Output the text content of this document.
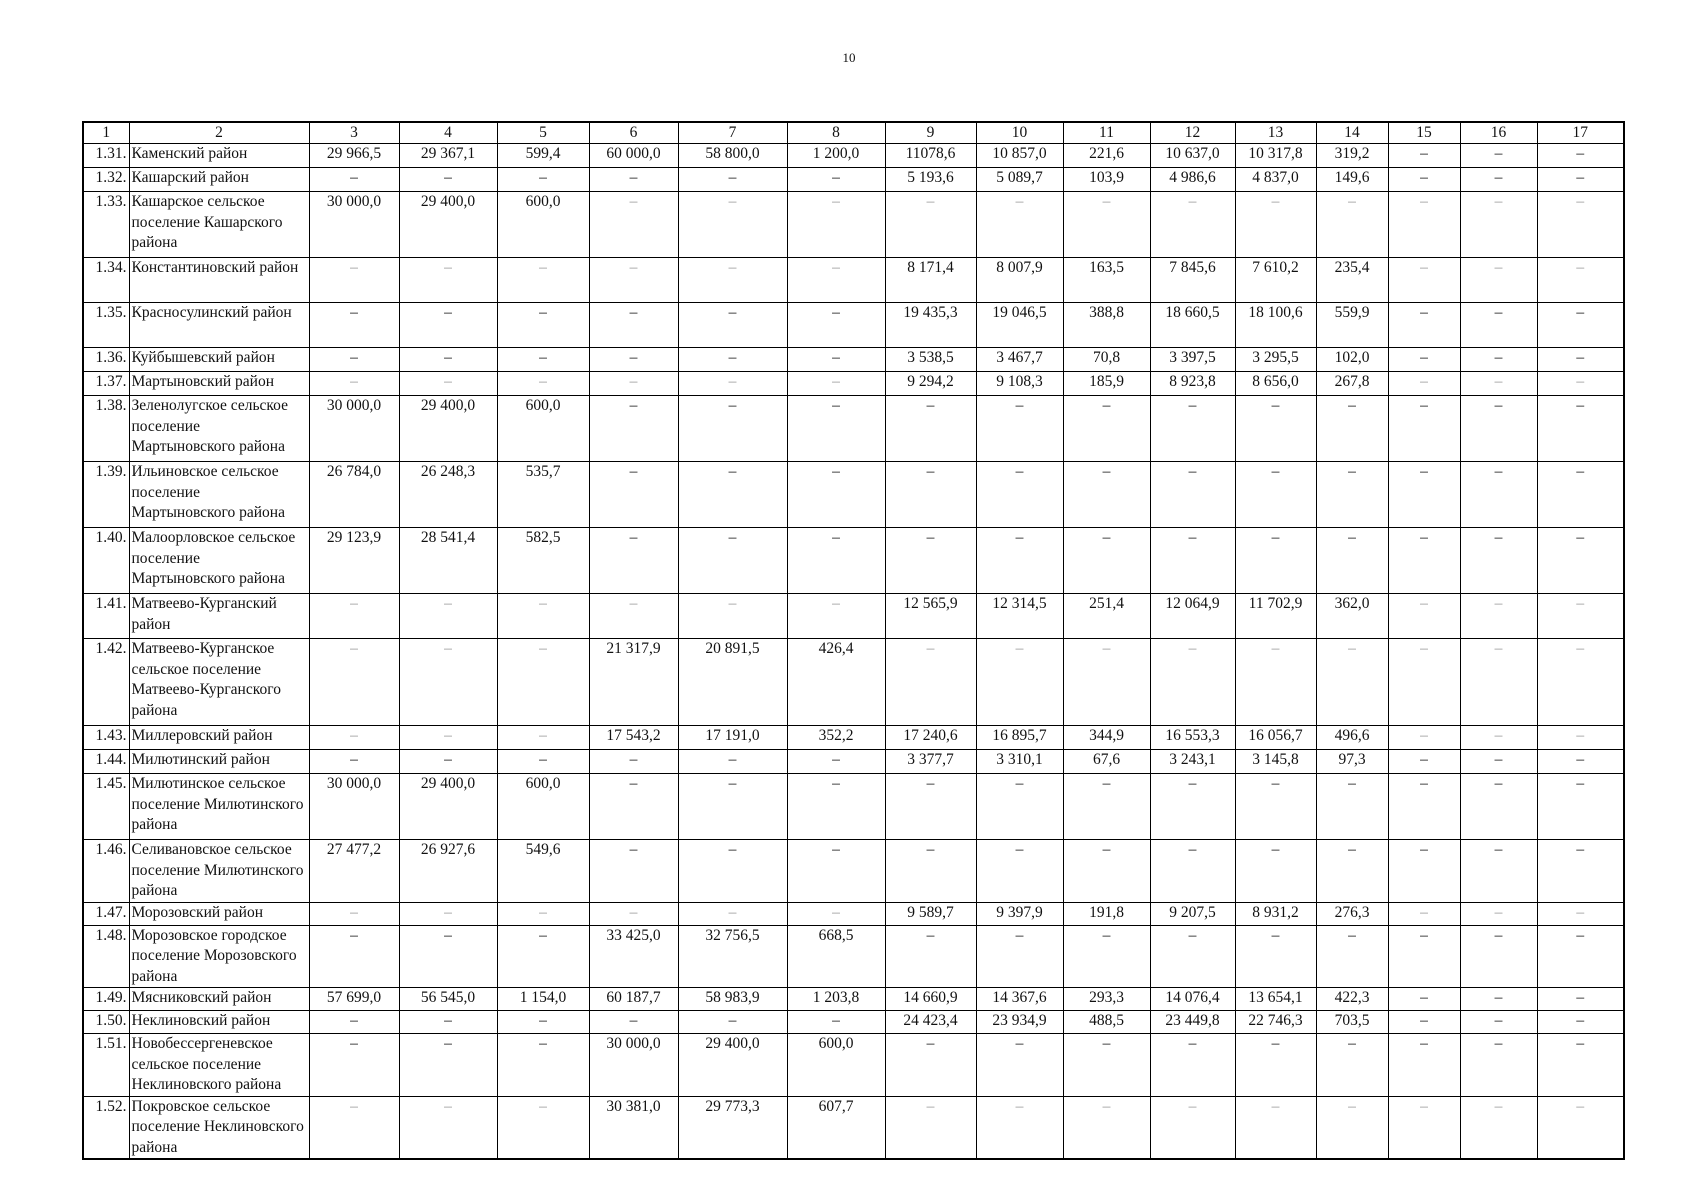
10
1	2	3	4	5	6	7	8	9	10	11	12	13	14	15	16	17
1.31.	Каменский район	29 966,5	29 367,1	599,4	60 000,0	58 800,0	1 200,0	11078,6	10 857,0	221,6	10 637,0	10 317,8	319,2	–	–	–
1.32.	Кашарский район	–	–	–	–	–	–	5 193,6	5 089,7	103,9	4 986,6	4 837,0	149,6	–	–	–
1.33.	Кашарское сельское поселение Кашарского района	30 000,0	29 400,0	600,0	–	–	–	–	–	–	–	–	–	–	–	–
1.34.	Константиновский район	–	–	–	–	–	–	8 171,4	8 007,9	163,5	7 845,6	7 610,2	235,4	–	–	–
1.35.	Красносулинский район	–	–	–	–	–	–	19 435,3	19 046,5	388,8	18 660,5	18 100,6	559,9	–	–	–
1.36.	Куйбышевский район	–	–	–	–	–	–	3 538,5	3 467,7	70,8	3 397,5	3 295,5	102,0	–	–	–
1.37.	Мартыновский район	–	–	–	–	–	–	9 294,2	9 108,3	185,9	8 923,8	8 656,0	267,8	–	–	–
1.38.	Зеленолугское сельское поселение Мартыновского района	30 000,0	29 400,0	600,0	–	–	–	–	–	–	–	–	–	–	–	–
1.39.	Ильиновское сельское поселение Мартыновского района	26 784,0	26 248,3	535,7	–	–	–	–	–	–	–	–	–	–	–	–
1.40.	Малоорловское сельское поселение Мартыновского района	29 123,9	28 541,4	582,5	–	–	–	–	–	–	–	–	–	–	–	–
1.41.	Матвеево-Курганский район	–	–	–	–	–	–	12 565,9	12 314,5	251,4	12 064,9	11 702,9	362,0	–	–	–
1.42.	Матвеево-Курганское сельское поселение Матвеево-Курганского района	–	–	–	21 317,9	20 891,5	426,4	–	–	–	–	–	–	–	–	–
1.43.	Миллеровский район	–	–	–	17 543,2	17 191,0	352,2	17 240,6	16 895,7	344,9	16 553,3	16 056,7	496,6	–	–	–
1.44.	Милютинский район	–	–	–	–	–	–	3 377,7	3 310,1	67,6	3 243,1	3 145,8	97,3	–	–	–
1.45.	Милютинское сельское поселение Милютинского района	30 000,0	29 400,0	600,0	–	–	–	–	–	–	–	–	–	–	–	–
1.46.	Селивановское сельское поселение Милютинского района	27 477,2	26 927,6	549,6	–	–	–	–	–	–	–	–	–	–	–	–
1.47.	Морозовский район	–	–	–	–	–	–	9 589,7	9 397,9	191,8	9 207,5	8 931,2	276,3	–	–	–
1.48.	Морозовское городское поселение Морозовского района	–	–	–	33 425,0	32 756,5	668,5	–	–	–	–	–	–	–	–	–
1.49.	Мясниковский район	57 699,0	56 545,0	1 154,0	60 187,7	58 983,9	1 203,8	14 660,9	14 367,6	293,3	14 076,4	13 654,1	422,3	–	–	–
1.50.	Неклиновский район	–	–	–	–	–	–	24 423,4	23 934,9	488,5	23 449,8	22 746,3	703,5	–	–	–
1.51.	Новобессергеневское сельское поселение Неклиновского района	–	–	–	30 000,0	29 400,0	600,0	–	–	–	–	–	–	–	–	–
1.52.	Покровское сельское поселение Неклиновского района	–	–	–	30 381,0	29 773,3	607,7	–	–	–	–	–	–	–	–	–
